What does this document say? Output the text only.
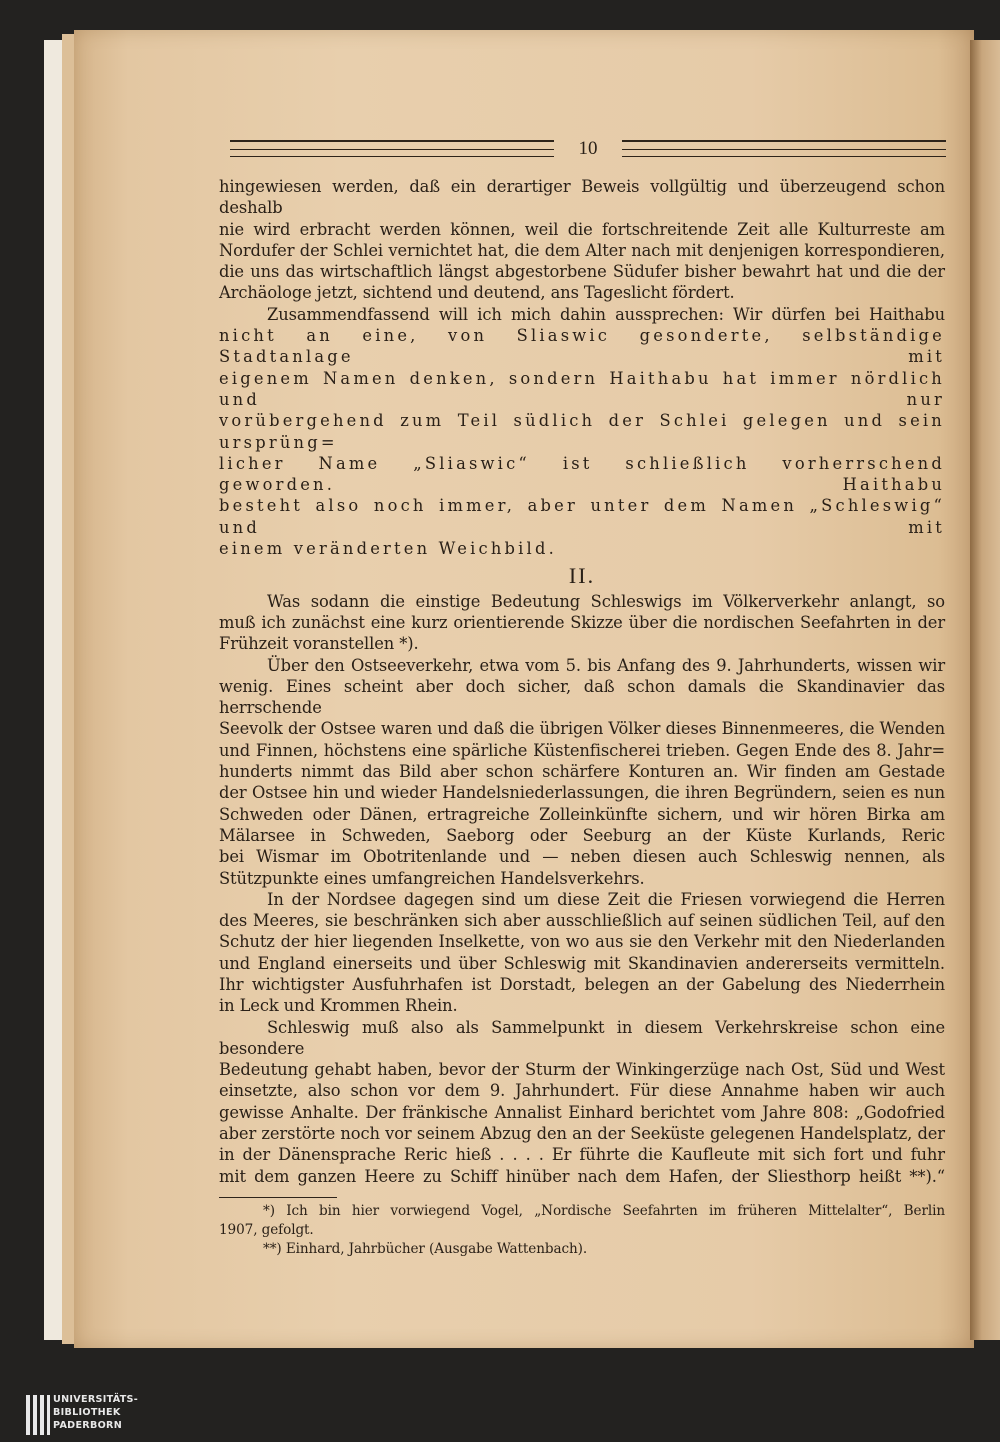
10

hingewiesen werden, daß ein derartiger Beweis vollgültig und überzeugend schon deshalb

nie wird erbracht werden können, weil die fortschreitende Zeit alle Kulturreste am

Nordufer der Schlei vernichtet hat, die dem Alter nach mit denjenigen korrespondieren,

die uns das wirtschaftlich längst abgestorbene Südufer bisher bewahrt hat und die der

Archäologe jetzt, sichtend und deutend, ans Tageslicht fördert.

Zusammendfassend will ich mich dahin aussprechen: Wir dürfen bei Haithabu

nicht an eine, von Sliaswic gesonderte, selbständige Stadtanlage mit

eigenem Namen denken, sondern Haithabu hat immer nördlich und nur

vorübergehend zum Teil südlich der Schlei gelegen und sein ursprüng=

licher Name „Sliaswic“ ist schließlich vorherrschend geworden. Haithabu

besteht also noch immer, aber unter dem Namen „Schleswig“ und mit

einem veränderten Weichbild.

II.

Was sodann die einstige Bedeutung Schleswigs im Völkerverkehr anlangt, so

muß ich zunächst eine kurz orientierende Skizze über die nordischen Seefahrten in der

Frühzeit voranstellen *).

Über den Ostseeverkehr, etwa vom 5. bis Anfang des 9. Jahrhunderts, wissen wir

wenig. Eines scheint aber doch sicher, daß schon damals die Skandinavier das herrschende

Seevolk der Ostsee waren und daß die übrigen Völker dieses Binnenmeeres, die Wenden

und Finnen, höchstens eine spärliche Küstenfischerei trieben. Gegen Ende des 8. Jahr=

hunderts nimmt das Bild aber schon schärfere Konturen an. Wir finden am Gestade

der Ostsee hin und wieder Handelsniederlassungen, die ihren Begründern, seien es nun

Schweden oder Dänen, ertragreiche Zolleinkünfte sichern, und wir hören Birka am

Mälarsee in Schweden, Saeborg oder Seeburg an der Küste Kurlands, Reric

bei Wismar im Obotritenlande und — neben diesen auch Schleswig nennen, als

Stützpunkte eines umfangreichen Handelsverkehrs.

In der Nordsee dagegen sind um diese Zeit die Friesen vorwiegend die Herren

des Meeres, sie beschränken sich aber ausschließlich auf seinen südlichen Teil, auf den

Schutz der hier liegenden Inselkette, von wo aus sie den Verkehr mit den Niederlanden

und England einerseits und über Schleswig mit Skandinavien andererseits vermitteln.

Ihr wichtigster Ausfuhrhafen ist Dorstadt, belegen an der Gabelung des Niederrhein

in Leck und Krommen Rhein.

Schleswig muß also als Sammelpunkt in diesem Verkehrskreise schon eine besondere

Bedeutung gehabt haben, bevor der Sturm der Winkingerzüge nach Ost, Süd und West

einsetzte, also schon vor dem 9. Jahrhundert. Für diese Annahme haben wir auch

gewisse Anhalte. Der fränkische Annalist Einhard berichtet vom Jahre 808: „Godofried

aber zerstörte noch vor seinem Abzug den an der Seeküste gelegenen Handelsplatz, der

in der Dänensprache Reric hieß . . . . Er führte die Kaufleute mit sich fort und fuhr

mit dem ganzen Heere zu Schiff hinüber nach dem Hafen, der Sliesthorp heißt **).“

*) Ich bin hier vorwiegend Vogel, „Nordische Seefahrten im früheren Mittelalter“, Berlin

1907, gefolgt.

**) Einhard, Jahrbücher (Ausgabe Wattenbach).

UNIVERSITÄTS-
BIBLIOTHEK
PADERBORN
